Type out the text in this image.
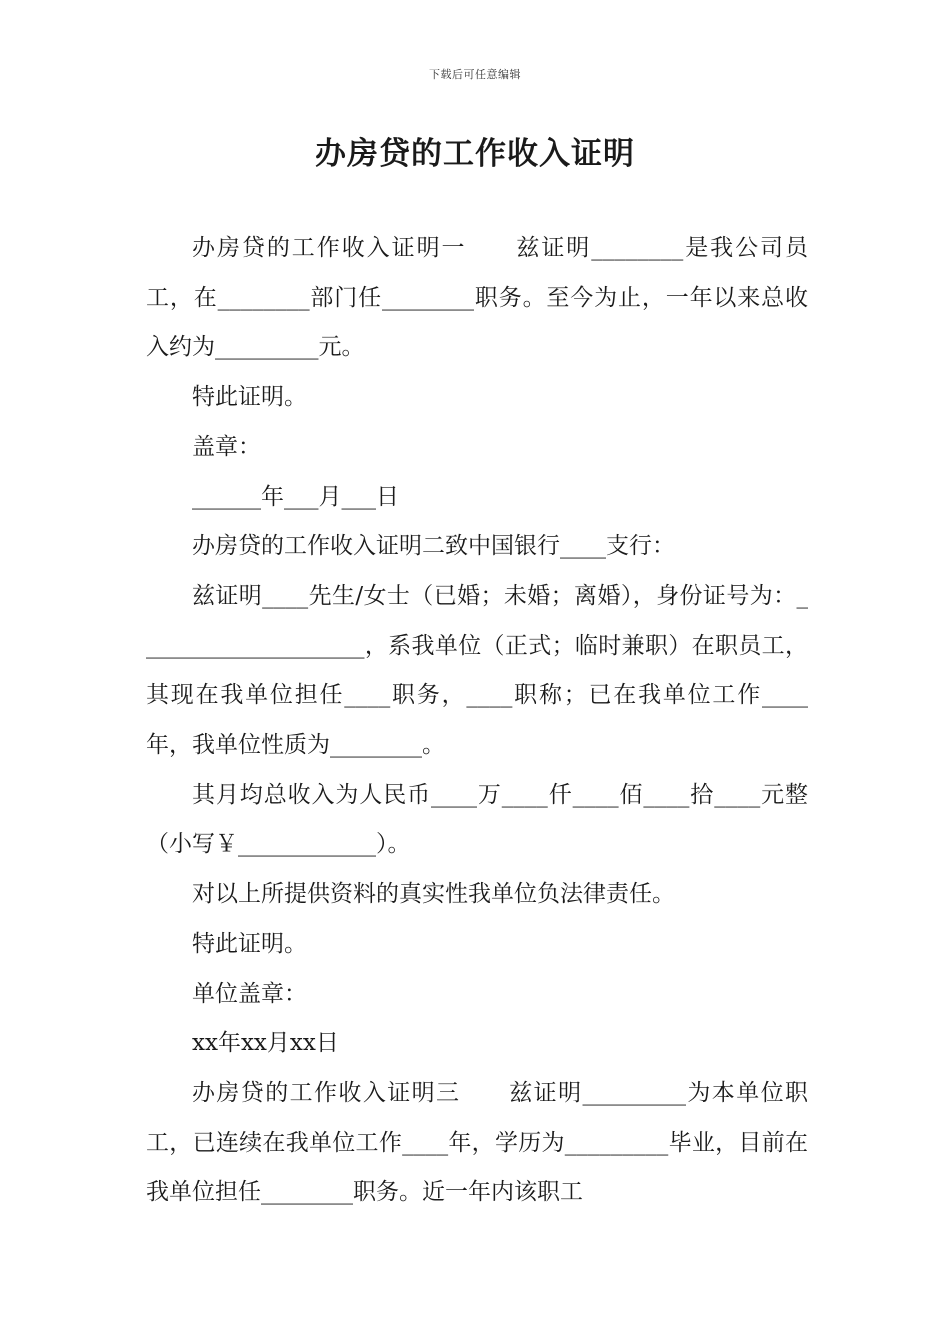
下载后可任意编辑
办房贷的工作收入证明

办房贷的工作收入证明一　　兹证明________是我公司员工，在________部门任________职务。至今为止，一年以来总收入约为_________元。

特此证明。

盖章：

______年___月___日

办房贷的工作收入证明二致中国银行____支行：

兹证明____先生/女士（已婚；未婚；离婚），身份证号为：____________________，系我单位（正式；临时兼职）在职员工，其现在我单位担任____职务，____职称；已在我单位工作____年，我单位性质为________。

其月均总收入为人民币____万____仟____佰____拾____元整（小写￥____________）。

对以上所提供资料的真实性我单位负法律责任。

特此证明。

单位盖章：

xx年xx月xx日

办房贷的工作收入证明三　　兹证明_________为本单位职工，已连续在我单位工作____年，学历为_________毕业，目前在我单位担任________职务。近一年内该职工
